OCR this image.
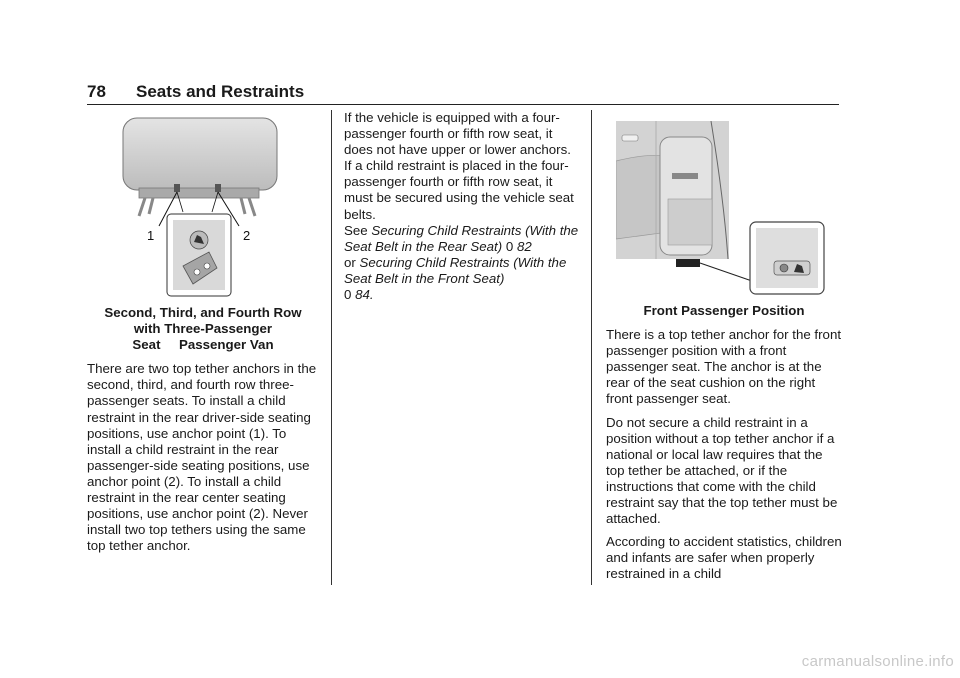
78 Seats and Restraints
1	2
Second, Third, and Fourth Row
with Three-Passenger
Seat     Passenger Van

There are two top tether anchors in the second, third, and fourth row three-passenger seats. To install a child restraint in the rear driver-side seating positions, use anchor point (1). To install a child restraint in the rear passenger-side seating positions, use anchor point (2). To install a child restraint in the rear center seating positions, use anchor point (2). Never install two top tethers using the same top tether anchor.

If the vehicle is equipped with a four-passenger fourth or fifth row seat, it does not have upper or lower anchors. If a child restraint is placed in the four-passenger fourth or fifth row seat, it must be secured using the vehicle seat belts.

See Securing Child Restraints (With the Seat Belt in the Rear Seat) 0 82
or Securing Child Restraints (With the Seat Belt in the Front Seat)
0 84.

Front Passenger Position

There is a top tether anchor for the front passenger position with a front passenger seat. The anchor is at the rear of the seat cushion on the right front passenger seat.

Do not secure a child restraint in a position without a top tether anchor if a national or local law requires that the top tether be attached, or if the instructions that come with the child restraint say that the top tether must be attached.

According to accident statistics, children and infants are safer when properly restrained in a child

carmanualsonline.info
